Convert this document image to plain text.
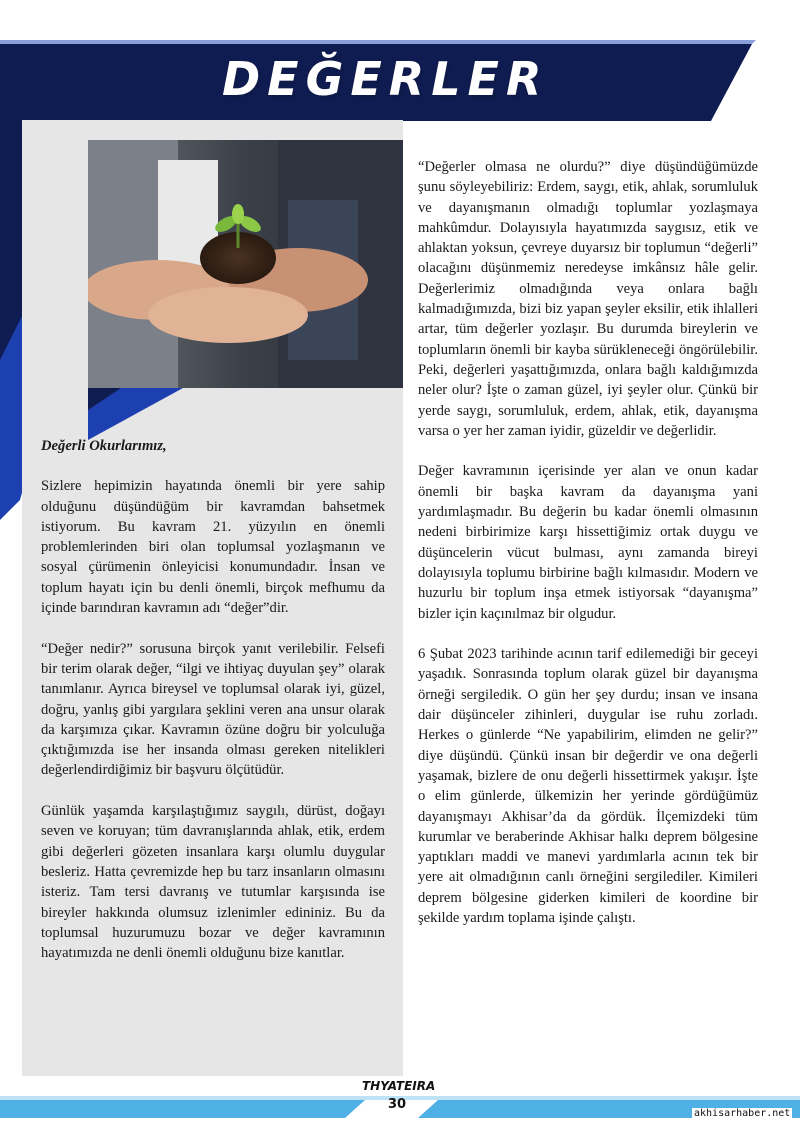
DEĞERLER

Değerli Okurlarımız,

Sizlere hepimizin hayatında önemli bir yere sahip olduğunu düşündüğüm bir kavramdan bahsetmek istiyorum. Bu kavram 21. yüzyılın en önemli problemlerinden biri olan toplumsal yozlaşmanın ve sosyal çürümenin önleyicisi konumundadır. İnsan ve toplum hayatı için bu denli önemli, birçok mefhumu da içinde barındıran kavramın adı “değer”dir.

“Değer nedir?” sorusuna birçok yanıt verilebilir. Felsefi bir terim olarak değer, “ilgi ve ihtiyaç duyulan şey” olarak tanımlanır. Ayrıca bireysel ve toplumsal olarak iyi, güzel, doğru, yanlış gibi yargılara şeklini veren ana unsur olarak da karşımıza çıkar. Kavramın özüne doğru bir yolculuğa çıktığımızda ise her insanda olması gereken nitelikleri değerlendirdiğimiz bir başvuru ölçütüdür.

Günlük yaşamda karşılaştığımız saygılı, dürüst, doğayı seven ve koruyan; tüm davranışlarında ahlak, etik, erdem gibi değerleri gözeten insanlara karşı olumlu duygular besleriz. Hatta çevremizde hep bu tarz insanların olmasını isteriz. Tam tersi davranış ve tutumlar karşısında ise bireyler hakkında olumsuz izlenimler edininiz. Bu da toplumsal huzurumuzu bozar ve değer kavramının hayatımızda ne denli önemli olduğunu bize kanıtlar.

“Değerler olmasa ne olurdu?” diye düşündüğümüzde şunu söyleyebiliriz: Erdem, saygı, etik, ahlak, sorumluluk ve dayanışmanın olmadığı toplumlar yozlaşmaya mahkûmdur. Dolayısıyla hayatımızda saygısız, etik ve ahlaktan yoksun, çevreye duyarsız bir toplumun “değerli” olacağını düşünmemiz neredeyse imkânsız hâle gelir. Değerlerimiz olmadığında veya onlara bağlı kalmadığımızda, bizi biz yapan şeyler eksilir, etik ihlalleri artar, tüm değerler yozlaşır. Bu durumda bireylerin ve toplumların önemli bir kayba sürükleneceği öngörülebilir. Peki, değerleri yaşattığımızda, onlara bağlı kaldığımızda neler olur? İşte o zaman güzel, iyi şeyler olur. Çünkü bir yerde saygı, sorumluluk, erdem, ahlak, etik, dayanışma varsa o yer her zaman iyidir, güzeldir ve değerlidir.

Değer kavramının içerisinde yer alan ve onun kadar önemli bir başka kavram da dayanışma yani yardımlaşmadır. Bu değerin bu kadar önemli olmasının nedeni birbirimize karşı hissettiğimiz ortak duygu ve düşüncelerin vücut bulması, aynı zamanda bireyi dolayısıyla toplumu birbirine bağlı kılmasıdır. Modern ve huzurlu bir toplum inşa etmek istiyorsak “dayanışma” bizler için kaçınılmaz bir olgudur.

6 Şubat 2023 tarihinde acının tarif edilemediği bir geceyi yaşadık. Sonrasında toplum olarak güzel bir dayanışma örneği sergiledik. O gün her şey durdu; insan ve insana dair düşünceler zihinleri, duygular ise ruhu zorladı. Herkes o günlerde “Ne yapabilirim, elimden ne gelir?” diye düşündü. Çünkü insan bir değerdir ve ona değerli yaşamak, bizlere de onu değerli hissettirmek yakışır. İşte o elim günlerde, ülkemizin her yerinde gördüğümüz dayanışmayı Akhisar’da da gördük. İlçemizdeki tüm kurumlar ve beraberinde Akhisar halkı deprem bölgesine yaptıkları maddi ve manevi yardımlarla acının tek bir yere ait olmadığının canlı örneğini sergilediler. Kimileri deprem bölgesine giderken kimileri de koordine bir şekilde yardım toplama işinde çalıştı.

THYATEIRA
30
akhisarhaber.net
